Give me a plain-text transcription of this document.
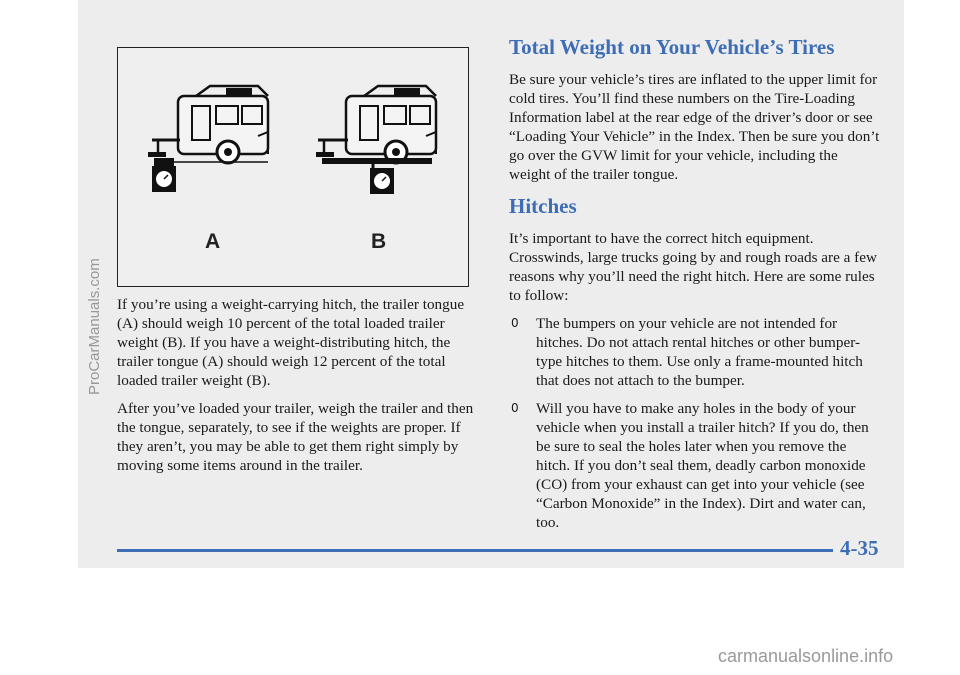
A	B

If you’re using a weight-carrying hitch, the trailer tongue (A) should weigh 10 percent of the total loaded trailer weight (B). If you have a weight-distributing hitch, the trailer tongue (A) should weigh 12 percent of the total loaded trailer weight (B).

After you’ve loaded your trailer, weigh the trailer and then the tongue, separately, to see if the weights are proper. If they aren’t, you may be able to get them right simply by moving some items around in the trailer.

Total Weight on Your Vehicle’s Tires

Be sure your vehicle’s tires are inflated to the upper limit for cold tires. You’ll find these numbers on the Tire-Loading Information label at the rear edge of the driver’s door or see “Loading Your Vehicle” in the Index. Then be sure you don’t go over the GVW limit for your vehicle, including the weight of the trailer tongue.

Hitches

It’s important to have the correct hitch equipment. Crosswinds, large trucks going by and rough roads are a few reasons why you’ll need the right hitch. Here are some rules to follow:

0 The bumpers on your vehicle are not intended for hitches. Do not attach rental hitches or other bumper-type hitches to them. Use only a frame-mounted hitch that does not attach to the bumper.
0 Will you have to make any holes in the body of your vehicle when you install a trailer hitch? If you do, then be sure to seal the holes later when you remove the hitch. If you don’t seal them, deadly carbon monoxide (CO) from your exhaust can get into your vehicle (see “Carbon Monoxide” in the Index). Dirt and water can, too.
4-35
ProCarManuals.com
carmanualsonline.info
